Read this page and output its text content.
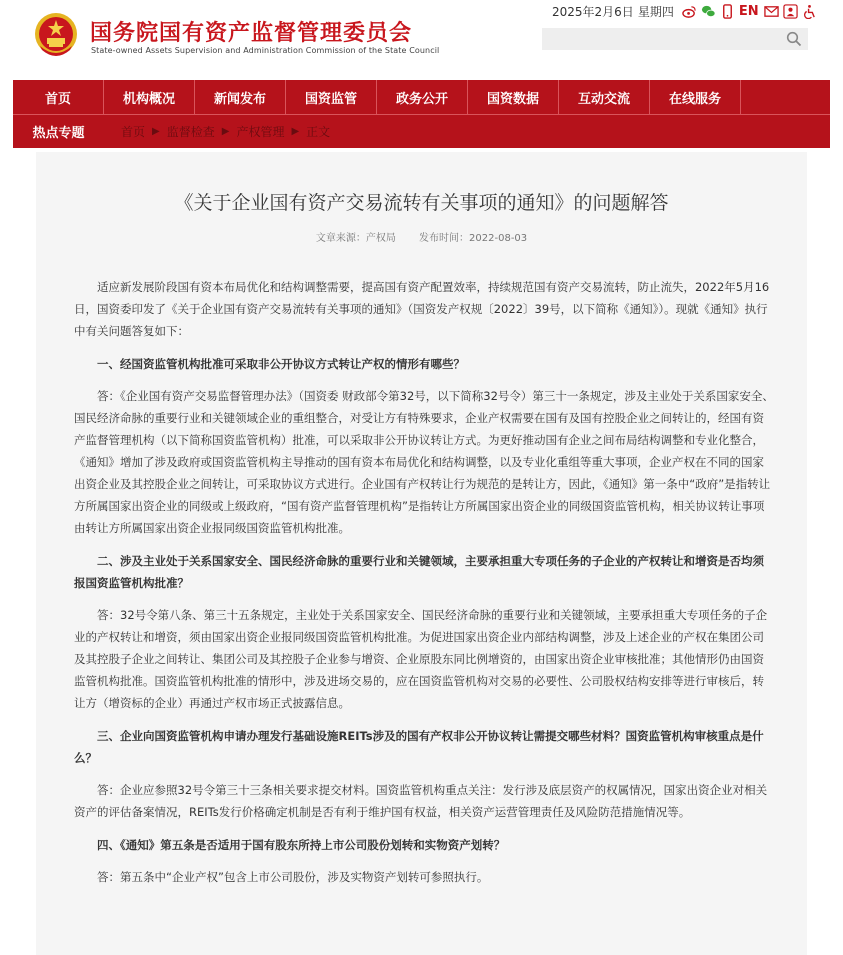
国务院国有资产监督管理委员会
State-owned Assets Supervision and Administration Commission of the State Council
2025年2月6日 星期四	EN
首页	机构概况	新闻发布	国资监管	政务公开	国资数据	互动交流	在线服务
热点专题	首页 ▶ 监督检查 ▶ 产权管理 ▶ 正文
《关于企业国有资产交易流转有关事项的通知》的问题解答
文章来源：产权局 发布时间：2022-08-03

适应新发展阶段国有资本布局优化和结构调整需要，提高国有资产配置效率，持续规范国有资产交易流转，防止流失，2022年5月16日，国资委印发了《关于企业国有资产交易流转有关事项的通知》（国资发产权规〔2022〕39号，以下简称《通知》）。现就《通知》执行中有关问题答复如下：

一、经国资监管机构批准可采取非公开协议方式转让产权的情形有哪些？

答：《企业国有资产交易监督管理办法》（国资委 财政部令第32号，以下简称32号令）第三十一条规定，涉及主业处于关系国家安全、国民经济命脉的重要行业和关键领域企业的重组整合，对受让方有特殊要求，企业产权需要在国有及国有控股企业之间转让的，经国有资产监督管理机构（以下简称国资监管机构）批准，可以采取非公开协议转让方式。为更好推动国有企业之间布局结构调整和专业化整合，《通知》增加了涉及政府或国资监管机构主导推动的国有资本布局优化和结构调整，以及专业化重组等重大事项，企业产权在不同的国家出资企业及其控股企业之间转让，可采取协议方式进行。企业国有产权转让行为规范的是转让方，因此，《通知》第一条中“政府”是指转让方所属国家出资企业的同级或上级政府，“国有资产监督管理机构”是指转让方所属国家出资企业的同级国资监管机构，相关协议转让事项由转让方所属国家出资企业报同级国资监管机构批准。

二、涉及主业处于关系国家安全、国民经济命脉的重要行业和关键领域，主要承担重大专项任务的子企业的产权转让和增资是否均须报国资监管机构批准？

答：32号令第八条、第三十五条规定，主业处于关系国家安全、国民经济命脉的重要行业和关键领域，主要承担重大专项任务的子企业的产权转让和增资，须由国家出资企业报同级国资监管机构批准。为促进国家出资企业内部结构调整，涉及上述企业的产权在集团公司及其控股子企业之间转让、集团公司及其控股子企业参与增资、企业原股东同比例增资的，由国家出资企业审核批准；其他情形仍由国资监管机构批准。国资监管机构批准的情形中，涉及进场交易的，应在国资监管机构对交易的必要性、公司股权结构安排等进行审核后，转让方（增资标的企业）再通过产权市场正式披露信息。

三、企业向国资监管机构申请办理发行基础设施REITs涉及的国有产权非公开协议转让需提交哪些材料？国资监管机构审核重点是什么？

答：企业应参照32号令第三十三条相关要求提交材料。国资监管机构重点关注：发行涉及底层资产的权属情况，国家出资企业对相关资产的评估备案情况，REITs发行价格确定机制是否有利于维护国有权益，相关资产运营管理责任及风险防范措施情况等。

四、《通知》第五条是否适用于国有股东所持上市公司股份划转和实物资产划转？

答：第五条中“企业产权”包含上市公司股份，涉及实物资产划转可参照执行。
